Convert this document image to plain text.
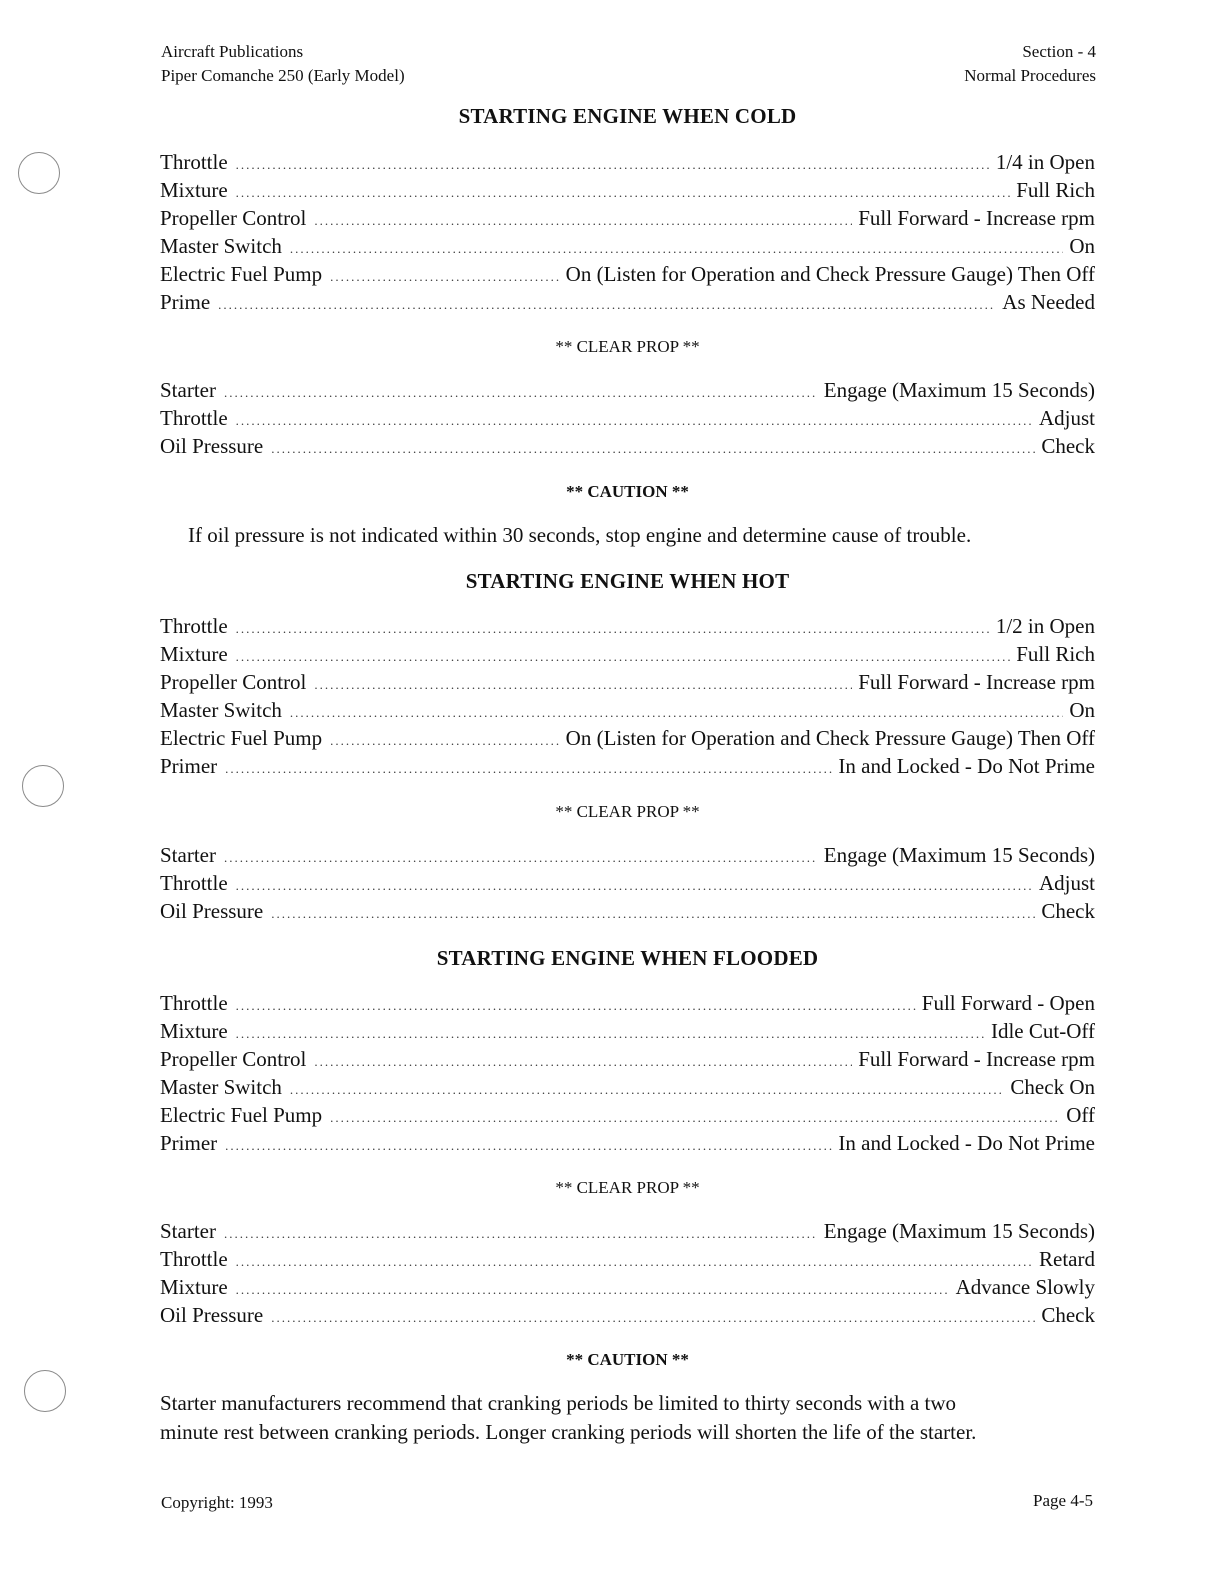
Aircraft Publications
Piper Comanche 250 (Early Model)
Section - 4
Normal Procedures
STARTING ENGINE WHEN COLD
Throttle .....	1/4 in Open
Mixture .....	Full Rich
Propeller Control .....	Full Forward - Increase rpm
Master Switch .....	On
Electric Fuel Pump .....	On (Listen for Operation and Check Pressure Gauge) Then Off
Prime .....	As Needed
** CLEAR PROP **
Starter .....	Engage (Maximum 15 Seconds)
Throttle .....	Adjust
Oil Pressure .....	Check
** CAUTION **
If oil pressure is not indicated within 30 seconds, stop engine and determine cause of trouble.
STARTING ENGINE WHEN HOT
Throttle .....	1/2 in Open
Mixture .....	Full Rich
Propeller Control .....	Full Forward - Increase rpm
Master Switch .....	On
Electric Fuel Pump .....	On (Listen for Operation and Check Pressure Gauge) Then Off
Primer .....	In and Locked - Do Not Prime
** CLEAR PROP **
Starter .....	Engage (Maximum 15 Seconds)
Throttle .....	Adjust
Oil Pressure .....	Check
STARTING ENGINE WHEN FLOODED
Throttle .....	Full Forward - Open
Mixture .....	Idle Cut-Off
Propeller Control .....	Full Forward - Increase rpm
Master Switch .....	Check On
Electric Fuel Pump .....	Off
Primer .....	In and Locked - Do Not Prime
** CLEAR PROP **
Starter .....	Engage (Maximum 15 Seconds)
Throttle .....	Retard
Mixture .....	Advance Slowly
Oil Pressure .....	Check
** CAUTION **
Starter manufacturers recommend that cranking periods be limited to thirty seconds with a two
minute rest between cranking periods. Longer cranking periods will shorten the life of the starter.
Copyright: 1993	Page 4-5
